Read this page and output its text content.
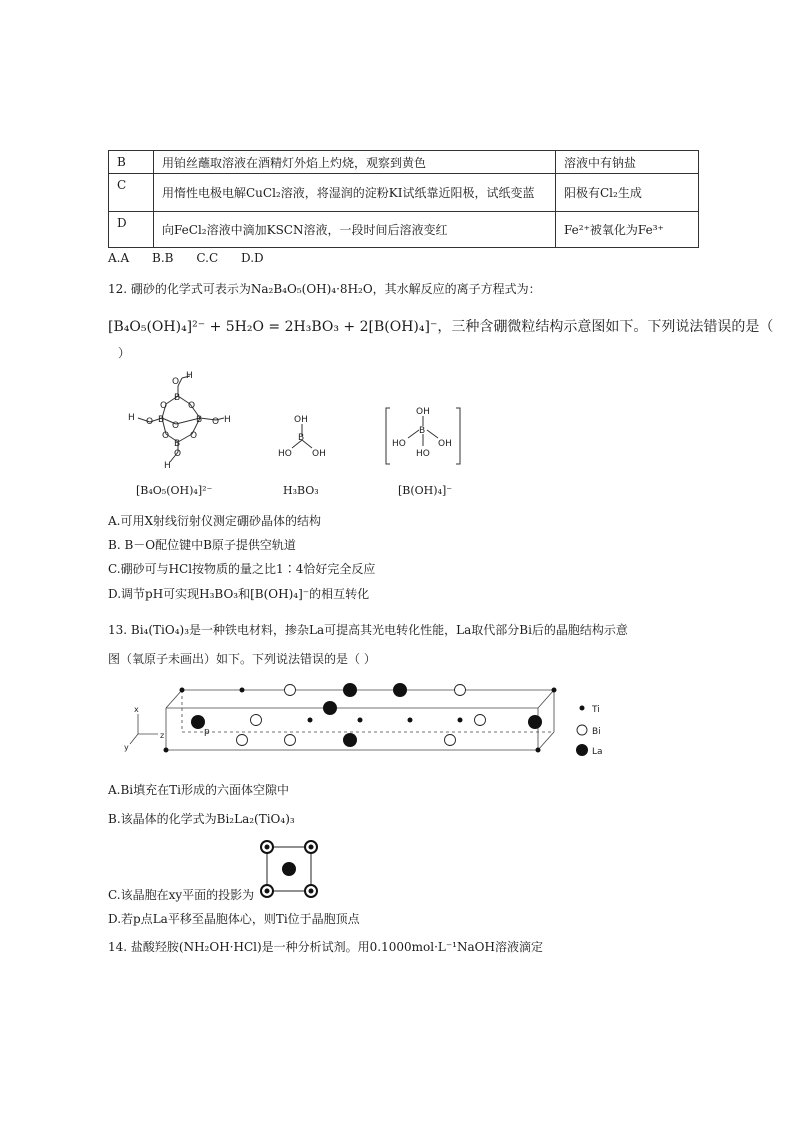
B	用铂丝蘸取溶液在酒精灯外焰上灼烧，观察到黄色	溶液中有钠盐
C	用惰性电极电解CuCl₂溶液，将湿润的淀粉KI试纸靠近阳极，试纸变蓝	阳极有Cl₂生成
D	向FeCl₂溶液中滴加KSCN溶液，一段时间后溶液变红	Fe²⁺被氧化为Fe³⁺
A.A      B.B      C.C      D.D
12. 硼砂的化学式可表示为Na₂B₄O₅(OH)₄·8H₂O，其水解反应的离子方程式为：
[B₄O₅(OH)₄]²⁻ + 5H₂O = 2H₃BO₃ + 2[B(OH)₄]⁻，三种含硼微粒结构示意图如下。下列说法错误的是（
）
O
H
B
O O
H O B
O
B O H
O O
B
O
H
OH
B
HO OH
OH
B
HO	OH
HO
[B₄O₅(OH)₄]²⁻	H₃BO₃	[B(OH)₄]⁻
A.可用X射线衍射仪测定硼砂晶体的结构
B. B－O配位键中B原子提供空轨道
C.硼砂可与HCl按物质的量之比1∶4恰好完全反应
D.调节pH可实现H₃BO₃和[B(OH)₄]⁻的相互转化
13. Bi₄(TiO₄)₃是一种铁电材料，掺杂La可提高其光电转化性能，La取代部分Bi后的晶胞结构示意
图（氧原子未画出）如下。下列说法错误的是（ ）
Ti
Bi
La
p
x
y
z
A.Bi填充在Ti形成的六面体空隙中
B.该晶体的化学式为Bi₂La₂(TiO₄)₃
C.该晶胞在xy平面的投影为
D.若p点La平移至晶胞体心，则Ti位于晶胞顶点
14. 盐酸羟胺(NH₂OH·HCl)是一种分析试剂。用0.1000mol·L⁻¹NaOH溶液滴定
